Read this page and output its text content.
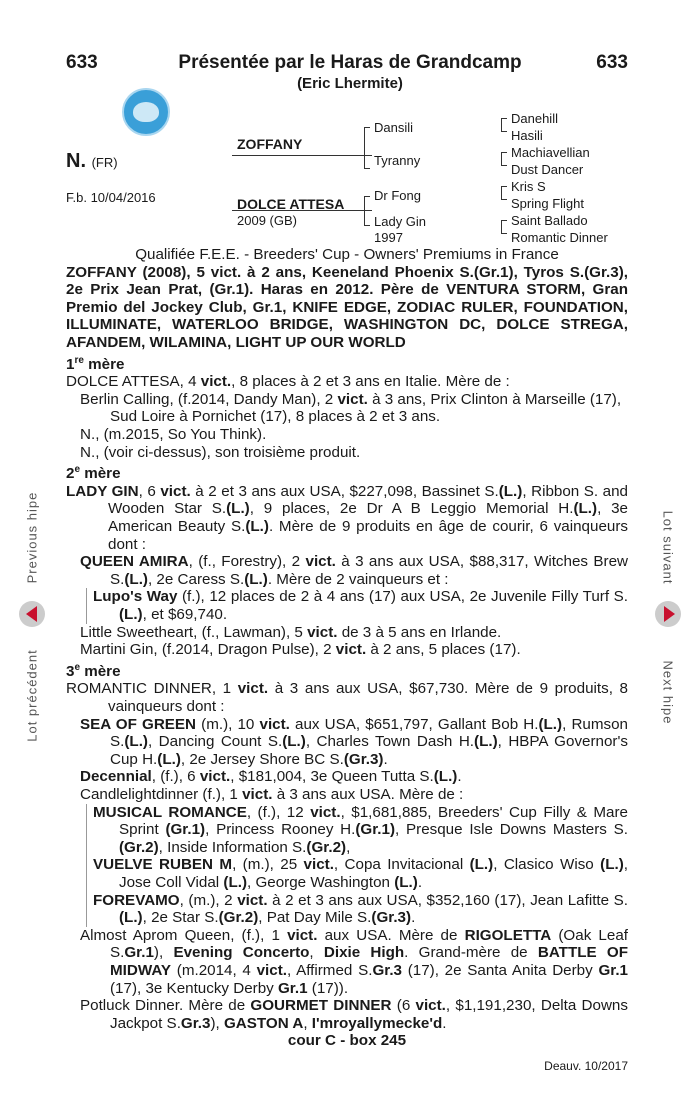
633	633
Présentée par le Haras de Grandcamp
(Eric Lhermite)
N. (FR)
F.b. 10/04/2016
ZOFFANY
DOLCE ATTESA
2009 (GB)
Dansili
Tyranny
Dr Fong
Lady Gin
1997
Danehill
Hasili
Machiavellian
Dust Dancer
Kris S
Spring Flight
Saint Ballado
Romantic Dinner

Qualifiée F.E.E. - Breeders' Cup - Owners' Premiums in France

ZOFFANY (2008), 5 vict. à 2 ans, Keeneland Phoenix S.(Gr.1), Tyros S.(Gr.3), 2e Prix Jean Prat, (Gr.1). Haras en 2012. Père de VENTURA STORM, Gran Premio del Jockey Club, Gr.1, KNIFE EDGE, ZODIAC RULER, FOUNDATION, ILLUMINATE, WATERLOO BRIDGE, WASHINGTON DC, DOLCE STREGA, AFANDEM, WILAMINA, LIGHT UP OUR WORLD

1re mère

DOLCE ATTESA, 4 vict., 8 places à 2 et 3 ans en Italie. Mère de :

Berlin Calling, (f.2014, Dandy Man), 2 vict. à 3 ans, Prix Clinton à Marseille (17), Sud Loire à Pornichet (17), 8 places à 2 et 3 ans.

N., (m.2015, So You Think).

N., (voir ci-dessus), son troisième produit.

2e mère

LADY GIN, 6 vict. à 2 et 3 ans aux USA, $227,098, Bassinet S.(L.), Ribbon S. and Wooden Star S.(L.), 9 places, 2e Dr A B Leggio Memorial H.(L.), 3e American Beauty S.(L.). Mère de 9 produits en âge de courir, 6 vainqueurs dont :

QUEEN AMIRA, (f., Forestry), 2 vict. à 3 ans aux USA, $88,317, Witches Brew S.(L.), 2e Caress S.(L.). Mère de 2 vainqueurs et :

Lupo's Way (f.), 12 places de 2 à 4 ans (17) aux USA, 2e Juvenile Filly Turf S.(L.), et $69,740.

Little Sweetheart, (f., Lawman), 5 vict. de 3 à 5 ans en Irlande.

Martini Gin, (f.2014, Dragon Pulse), 2 vict. à 2 ans, 5 places (17).

3e mère

ROMANTIC DINNER, 1 vict. à 3 ans aux USA, $67,730. Mère de 9 produits, 8 vainqueurs dont :

SEA OF GREEN (m.), 10 vict. aux USA, $651,797, Gallant Bob H.(L.), Rumson S.(L.), Dancing Count S.(L.), Charles Town Dash H.(L.), HBPA Governor's Cup H.(L.), 2e Jersey Shore BC S.(Gr.3).

Decennial, (f.), 6 vict., $181,004, 3e Queen Tutta S.(L.).

Candlelightdinner (f.), 1 vict. à 3 ans aux USA. Mère de :

MUSICAL ROMANCE, (f.), 12 vict., $1,681,885, Breeders' Cup Filly & Mare Sprint (Gr.1), Princess Rooney H.(Gr.1), Presque Isle Downs Masters S.(Gr.2), Inside Information S.(Gr.2),

VUELVE RUBEN M, (m.), 25 vict., Copa Invitacional (L.), Clasico Wiso (L.), Jose Coll Vidal (L.), George Washington (L.).

FOREVAMO, (m.), 2 vict. à 2 et 3 ans aux USA, $352,160 (17), Jean Lafitte S.(L.), 2e Star S.(Gr.2), Pat Day Mile S.(Gr.3).

Almost Aprom Queen, (f.), 1 vict. aux USA. Mère de RIGOLETTA (Oak Leaf S.Gr.1), Evening Concerto, Dixie High. Grand-mère de BATTLE OF MIDWAY (m.2014, 4 vict., Affirmed S.Gr.3 (17), 2e Santa Anita Derby Gr.1 (17), 3e Kentucky Derby Gr.1 (17)).

Potluck Dinner. Mère de GOURMET DINNER (6 vict., $1,191,230, Delta Downs Jackpot S.Gr.3), GASTON A, I'mroyallymecke'd.

cour C - box 245

Deauv. 10/2017
Previous hipe
Lot précédent
Lot suivant
Next hipe
